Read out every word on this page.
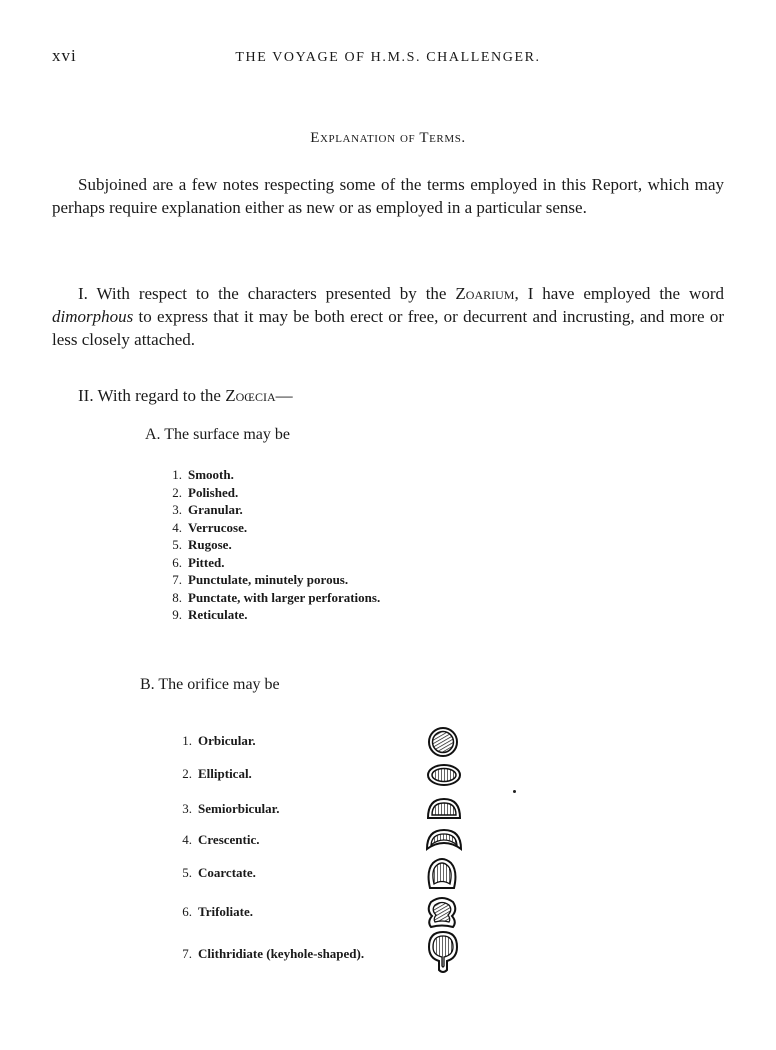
xvi	THE VOYAGE OF H.M.S. CHALLENGER.
Explanation of Terms.

Subjoined are a few notes respecting some of the terms employed in this Report, which may perhaps require explanation either as new or as employed in a particular sense.

I. With respect to the characters presented by the Zoarium, I have employed the word dimorphous to express that it may be both erect or free, or decurrent and incrusting, and more or less closely attached.

II. With regard to the Zoœcia—
A. The surface may be
1. Smooth.
2. Polished.
3. Granular.
4. Verrucose.
5. Rugose.
6. Pitted.
7. Punctulate, minutely porous.
8. Punctate, with larger perforations.
9. Reticulate.
B. The orifice may be
1. Orbicular.
2. Elliptical.
3. Semiorbicular.
4. Crescentic.
5. Coarctate.
6. Trifoliate.
7. Clithridiate (keyhole-shaped).
